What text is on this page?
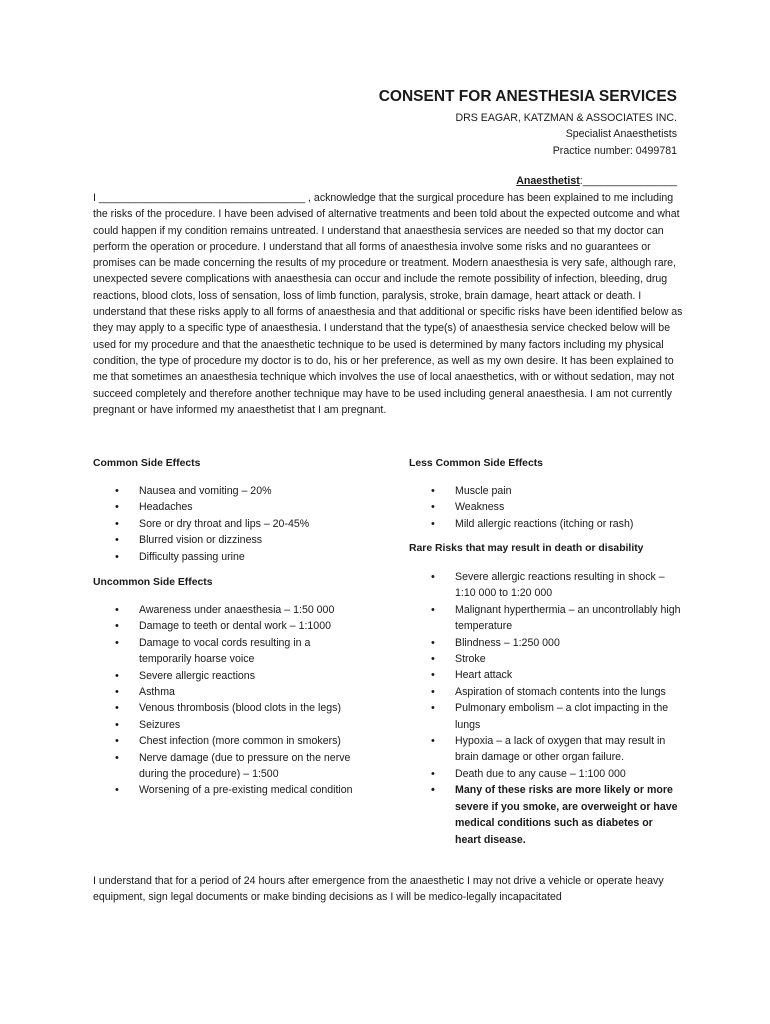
CONSENT FOR ANESTHESIA SERVICES

DRS EAGAR, KATZMAN & ASSOCIATES INC.

Specialist Anaesthetists

Practice number: 0499781

Anaesthetist:________________

I ___________________________________ , acknowledge that the surgical procedure has been explained to me including the risks of the procedure. I have been advised of alternative treatments and been told about the expected outcome and what could happen if my condition remains untreated. I understand that anaesthesia services are needed so that my doctor can perform the operation or procedure. I understand that all forms of anaesthesia involve some risks and no guarantees or promises can be made concerning the results of my procedure or treatment. Modern anaesthesia is very safe, although rare, unexpected severe complications with anaesthesia can occur and include the remote possibility of infection, bleeding, drug reactions, blood clots, loss of sensation, loss of limb function, paralysis, stroke, brain damage, heart attack or death. I understand that these risks apply to all forms of anaesthesia and that additional or specific risks have been identified below as they may apply to a specific type of anaesthesia. I understand that the type(s) of anaesthesia service checked below will be used for my procedure and that the anaesthetic technique to be used is determined by many factors including my physical condition, the type of procedure my doctor is to do, his or her preference, as well as my own desire. It has been explained to me that sometimes an anaesthesia technique which involves the use of local anaesthetics, with or without sedation, may not succeed completely and therefore another technique may have to be used including general anaesthesia. I am not currently pregnant or have informed my anaesthetist that I am pregnant.

Common Side Effects

• Nausea and vomiting – 20%
• Headaches
• Sore or dry throat and lips – 20-45%
• Blurred vision or dizziness
• Difficulty passing urine

Uncommon Side Effects

• Awareness under anaesthesia – 1:50 000
• Damage to teeth or dental work – 1:1000
• Damage to vocal cords resulting in a temporarily hoarse voice
• Severe allergic reactions
• Asthma
• Venous thrombosis (blood clots in the legs)
• Seizures
• Chest infection (more common in smokers)
• Nerve damage (due to pressure on the nerve during the procedure) – 1:500
• Worsening of a pre-existing medical condition

Less Common Side Effects

• Muscle pain
• Weakness
• Mild allergic reactions (itching or rash)

Rare Risks that may result in death or disability

• Severe allergic reactions resulting in shock – 1:10 000 to 1:20 000
• Malignant hyperthermia – an uncontrollably high temperature
• Blindness – 1:250 000
• Stroke
• Heart attack
• Aspiration of stomach contents into the lungs
• Pulmonary embolism – a clot impacting in the lungs
• Hypoxia – a lack of oxygen that may result in brain damage or other organ failure.
• Death due to any cause – 1:100 000
• Many of these risks are more likely or more severe if you smoke, are overweight or have medical conditions such as diabetes or heart disease.

I understand that for a period of 24 hours after emergence from the anaesthetic I may not drive a vehicle or operate heavy equipment, sign legal documents or make binding decisions as I will be medico-legally incapacitated
